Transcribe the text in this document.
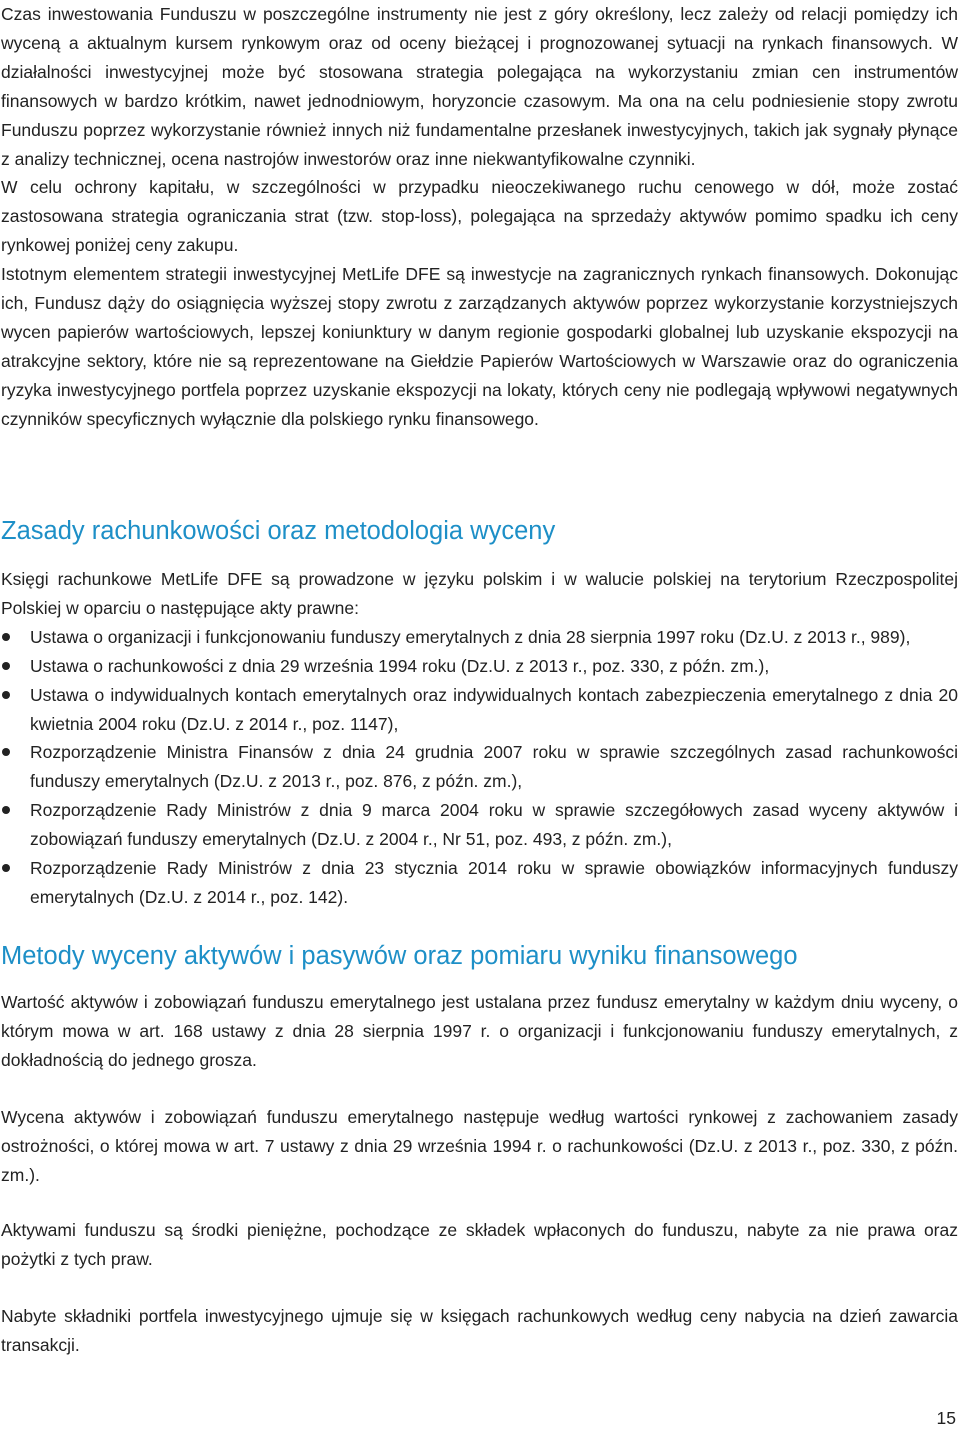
Czas inwestowania Funduszu w poszczególne instrumenty nie jest z góry określony, lecz zależy od relacji pomiędzy ich wyceną a aktualnym kursem rynkowym oraz od oceny bieżącej i prognozowanej sytuacji na rynkach finansowych. W działalności inwestycyjnej może być stosowana strategia polegająca na wykorzystaniu zmian cen instrumentów finansowych w bardzo krótkim, nawet jednodniowym, horyzoncie czasowym. Ma ona na celu podniesienie stopy zwrotu Funduszu poprzez wykorzystanie również innych niż fundamentalne przesłanek inwestycyjnych, takich jak sygnały płynące z analizy technicznej, ocena nastrojów inwestorów oraz inne niekwantyfikowalne czynniki.

W celu ochrony kapitału, w szczególności w przypadku nieoczekiwanego ruchu cenowego w dół, może zostać zastosowana strategia ograniczania strat (tzw. stop-loss), polegająca na sprzedaży aktywów pomimo spadku ich ceny rynkowej poniżej ceny zakupu.

Istotnym elementem strategii inwestycyjnej MetLife DFE są inwestycje na zagranicznych rynkach finansowych. Dokonując ich, Fundusz dąży do osiągnięcia wyższej stopy zwrotu z zarządzanych aktywów poprzez wykorzystanie korzystniejszych wycen papierów wartościowych, lepszej koniunktury w danym regionie gospodarki globalnej lub uzyskanie ekspozycji na atrakcyjne sektory, które nie są reprezentowane na Giełdzie Papierów Wartościowych w Warszawie oraz do ograniczenia ryzyka inwestycyjnego portfela poprzez uzyskanie ekspozycji na lokaty, których ceny nie podlegają wpływowi negatywnych czynników specyficznych wyłącznie dla polskiego rynku finansowego.

Zasady rachunkowości oraz metodologia wyceny

Księgi rachunkowe MetLife DFE są prowadzone w języku polskim i w walucie polskiej na terytorium Rzeczpospolitej Polskiej w oparciu o następujące akty prawne:

Ustawa o organizacji i funkcjonowaniu funduszy emerytalnych z dnia 28 sierpnia 1997 roku (Dz.U. z 2013 r., 989),
Ustawa o rachunkowości z dnia 29 września 1994 roku (Dz.U. z 2013 r., poz. 330, z późn. zm.),
Ustawa o indywidualnych kontach emerytalnych oraz indywidualnych kontach zabezpieczenia emerytalnego z dnia 20 kwietnia 2004 roku (Dz.U. z 2014 r., poz. 1147),
Rozporządzenie Ministra Finansów z dnia 24 grudnia 2007 roku w sprawie szczególnych zasad rachunkowości funduszy emerytalnych (Dz.U. z 2013 r., poz. 876, z późn. zm.),
Rozporządzenie Rady Ministrów z dnia 9 marca 2004 roku w sprawie szczegółowych zasad wyceny aktywów i zobowiązań funduszy emerytalnych (Dz.U. z 2004 r., Nr 51, poz. 493, z późn. zm.),
Rozporządzenie Rady Ministrów z dnia 23 stycznia 2014 roku w sprawie obowiązków informacyjnych funduszy emerytalnych (Dz.U. z 2014 r., poz. 142).
Metody wyceny aktywów i pasywów oraz pomiaru wyniku finansowego

Wartość aktywów i zobowiązań funduszu emerytalnego jest ustalana przez fundusz emerytalny w każdym dniu wyceny, o którym mowa w art. 168 ustawy z dnia 28 sierpnia 1997 r. o organizacji i funkcjonowaniu funduszy emerytalnych, z dokładnością do jednego grosza.

Wycena aktywów i zobowiązań funduszu emerytalnego następuje według wartości rynkowej z zachowaniem zasady ostrożności, o której mowa w art. 7 ustawy z dnia 29 września 1994 r. o rachunkowości (Dz.U. z 2013 r., poz. 330, z późn. zm.).

Aktywami funduszu są środki pieniężne, pochodzące ze składek wpłaconych do funduszu, nabyte za nie prawa oraz pożytki z tych praw.

Nabyte składniki portfela inwestycyjnego ujmuje się w księgach rachunkowych według ceny nabycia na dzień zawarcia transakcji.

15
